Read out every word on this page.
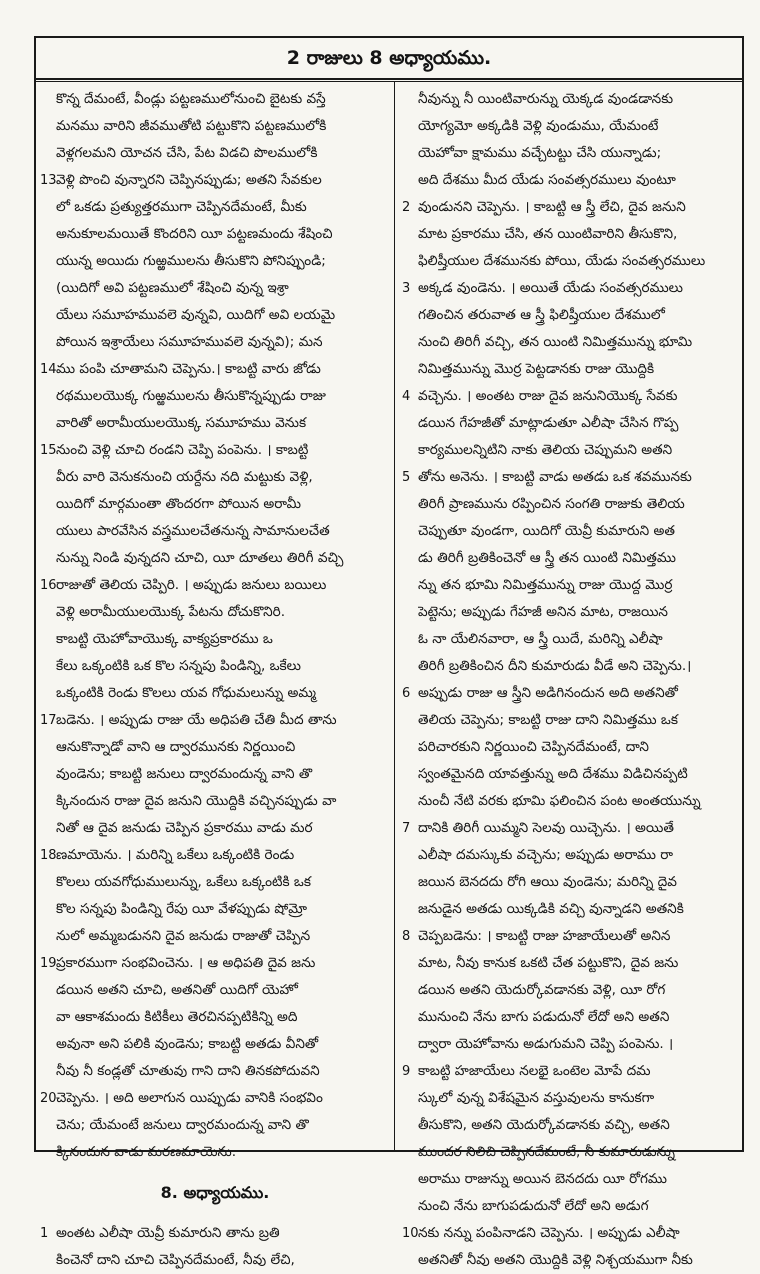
2 రాజులు 8 అధ్యాయము.
కొన్న దేమంటే, వీండ్లు పట్టణములోనుంచి బైటకు వస్తే
మనము వారిని జీవముతోటి పట్టుకొని పట్టణములోకి
వెళ్లగలమని యోచన చేసి, పేట విడచి పొలములోకి
13 వెళ్లి పొంచి వున్నారని చెప్పినప్పుడు; అతని సేవకుల
లో ఒకడు ప్రత్యుత్తరముగా చెప్పినదేమంటే, మీకు
అనుకూలమయితే కొందరిని యీ పట్టణమందు శేషించి
యున్న అయిదు గుఱ్ఱములను తీసుకొని పోనిప్పుండి;
(యిదిగో అవి పట్టణములో శేషించి వున్న ఇశ్రా
యేలు సమూహమువలె వున్నవి, యిదిగో అవి లయమై
పోయిన ఇశ్రాయేలు సమూహమువలె వున్నవి); మన
14 ము పంపి చూతామని చెప్పెను.। కాబట్టి వారు జోడు
రథములయొక్క గుఱ్ఱములను తీసుకొన్నప్పుడు రాజు
వారితో అరామీయులయొక్క సమూహము వెనుక
15 నుంచి వెళ్లి చూచి రండని చెప్పి పంపెను. । కాబట్టి
వీరు వారి వెనుకనుంచి యర్దేను నది మట్టుకు వెళ్లి,
యిదిగో మార్గమంతా తొందరగా పోయిన అరామీ
యులు పారవేసిన వస్త్రములచేతనున్న సామానులచేత
నున్ను నిండి వున్నదని చూచి, యీ దూతలు తిరిగీ వచ్చి
16 రాజుతో తెలియ చెప్పిరి. । అప్పుడు జనులు బయిలు
వెళ్లి అరామీయులయొక్క పేటను దోచుకొనిరి.
కాబట్టి యెహోవాయొక్క వాక్యప్రకారము ఒ
కేలు ఒక్కంటికి ఒక కొల సన్నపు పిండిన్ని, ఒకేలు
ఒక్కంటికి రెండు కొలలు యవ గోధుమలున్ను అమ్మ
17 బడెను. । అప్పుడు రాజు యే అధిపతి చేతి మీద తాను
ఆనుకొన్నాడో వాని ఆ ద్వారమునకు నిర్ణయించి
వుండెను; కాబట్టి జనులు ద్వారమందున్న వాని తొ
క్కినందున రాజు దైవ జనుని యొద్దికి వచ్చినప్పుడు వా
నితో ఆ దైవ జనుడు చెప్పిన ప్రకారము వాడు మర
18 ణమాయెను. । మరిన్ని ఒకేలు ఒక్కంటికి రెండు
కొలలు యవగోధుములున్ను, ఒకేలు ఒక్కంటికి ఒక
కొల సన్నపు పిండిన్ని రేపు యీ వేళప్పుడు షోమ్రో
నులో అమ్మబడునని దైవ జనుడు రాజుతో చెప్పిన
19 ప్రకారముగా సంభవించెను. । ఆ అధిపతి దైవ జను
డయిన అతని చూచి, అతనితో యిదిగో యెహో
వా ఆకాశమందు కిటికీలు తెరచినప్పటికిన్ని అది
అవునా అని పలికి వుండెను; కాబట్టి అతడు వీనితో
నీవు నీ కండ్లతో చూతువు గాని దాని తినకపోదువని
20 చెప్పెను. । అది అలాగున యిప్పుడు వానికి సంభవిం
చెను; యేమంటే జనులు ద్వారమందున్న వాని తొ
క్కినందున వాడు మరణమాయెను.
8. అధ్యాయము.
1 అంతట ఎలీషా యెవ్రీ కుమారుని తాను బ్రతి
కించెనో దాని చూచి చెప్పినదేమంటే, నీవు లేచి,
నీవున్ను నీ యింటివారున్ను యెక్కడ వుండడానకు
యోగ్యమో అక్కడికి వెళ్లి వుండుము, యేమంటే
యెహోవా క్షామము వచ్చేటట్టు చేసి యున్నాడు;
అది దేశము మీద యేడు సంవత్సరములు వుంటూ
2 వుండునని చెప్పెను. । కాబట్టి ఆ స్త్రీ లేచి, దైవ జనుని
మాట ప్రకారము చేసి, తన యింటివారిని తీసుకొని,
ఫిలిష్తీయుల దేశమునకు పోయి, యేడు సంవత్సరములు
3 అక్కడ వుండెను. । అయితే యేడు సంవత్సరములు
గతించిన తరువాత ఆ స్త్రీ ఫిలిష్తీయుల దేశములో
నుంచి తిరిగీ వచ్చి, తన యింటి నిమిత్తమున్ను భూమి
నిమిత్తమున్ను మొర్ర పెట్టడానకు రాజు యొద్దికి
4 వచ్చెను. । అంతట రాజు దైవ జనునియొక్క సేవకు
డయిన గేహజీతో మాట్లాడుతూ ఎలీషా చేసిన గొప్ప
కార్యములన్నిటిని నాకు తెలియ చెప్పుమని అతని
5 తోను అనెను. । కాబట్టి వాడు అతడు ఒక శవమునకు
తిరిగీ ప్రాణమును రప్పించిన సంగతి రాజుకు తెలియ
చెప్పుతూ వుండగా, యిదిగో యెవ్రీ కుమారుని అత
డు తిరిగీ బ్రతికించెనో ఆ స్త్రీ తన యింటి నిమిత్తము
న్ను తన భూమి నిమిత్తమున్ను రాజు యొద్ద మొర్ర
పెట్టెను; అప్పుడు గేహజీ అనిన మాట, రాజయిన
ఓ నా యేలినవారా, ఆ స్త్రీ యిదే, మరిన్ని ఎలీషా
తిరిగీ బ్రతికించిన దీని కుమారుడు వీడే అని చెప్పెను.।
6 అప్పుడు రాజు ఆ స్త్రీని అడిగినందున అది అతనితో
తెలియ చెప్పెను; కాబట్టి రాజు దాని నిమిత్తము ఒక
పరిచారకుని నిర్ణయించి చెప్పినదేమంటే, దాని
స్వంతమైనది యావత్తున్ను అది దేశము విడిచినప్పటి
నుంచీ నేటి వరకు భూమి ఫలించిన పంట అంతయున్ను
7 దానికి తిరిగీ యిమ్మని సెలవు యిచ్చెను. । అయితే
ఎలీషా దమస్కుకు వచ్చెను; అప్పుడు అరాము రా
జయిన బెనదదు రోగి ఆయి వుండెను; మరిన్ని దైవ
జనుడైన అతడు యిక్కడికి వచ్చి వున్నాడని అతనికి
8 చెప్పబడెను: । కాబట్టి రాజు హజాయేలుతో అనిన
మాట, నీవు కానుక ఒకటి చేత పట్టుకొని, దైవ జను
డయిన అతని యెదుర్కోవడానకు వెళ్లి, యీ రోగ
మునుంచి నేను బాగు పడుదునో లేదో అని అతని
ద్వారా యెహోవాను అడుగుమని చెప్పి పంపెను. ।
9 కాబట్టి హజాయేలు నలభై ఒంటెల మోపే దమ
స్కులో వున్న విశేషమైన వస్తువులను కానుకగా
తీసుకొని, అతని యెదుర్కోవడానకు వచ్చి, అతని
ముందర నిలిచి చెప్పినదేమంటే, నీ కుమారుడున్ను
అరాము రాజున్ను అయిన బెనదదు యీ రోగము
నుంచి నేను బాగుపడుదునో లేదో అని అడుగ
10 నకు నన్ను పంపినాడని చెప్పెను. । అప్పుడు ఎలీషా
అతనితో నీవు అతని యొద్దికి వెళ్లి నిశ్చయముగా నీకు
